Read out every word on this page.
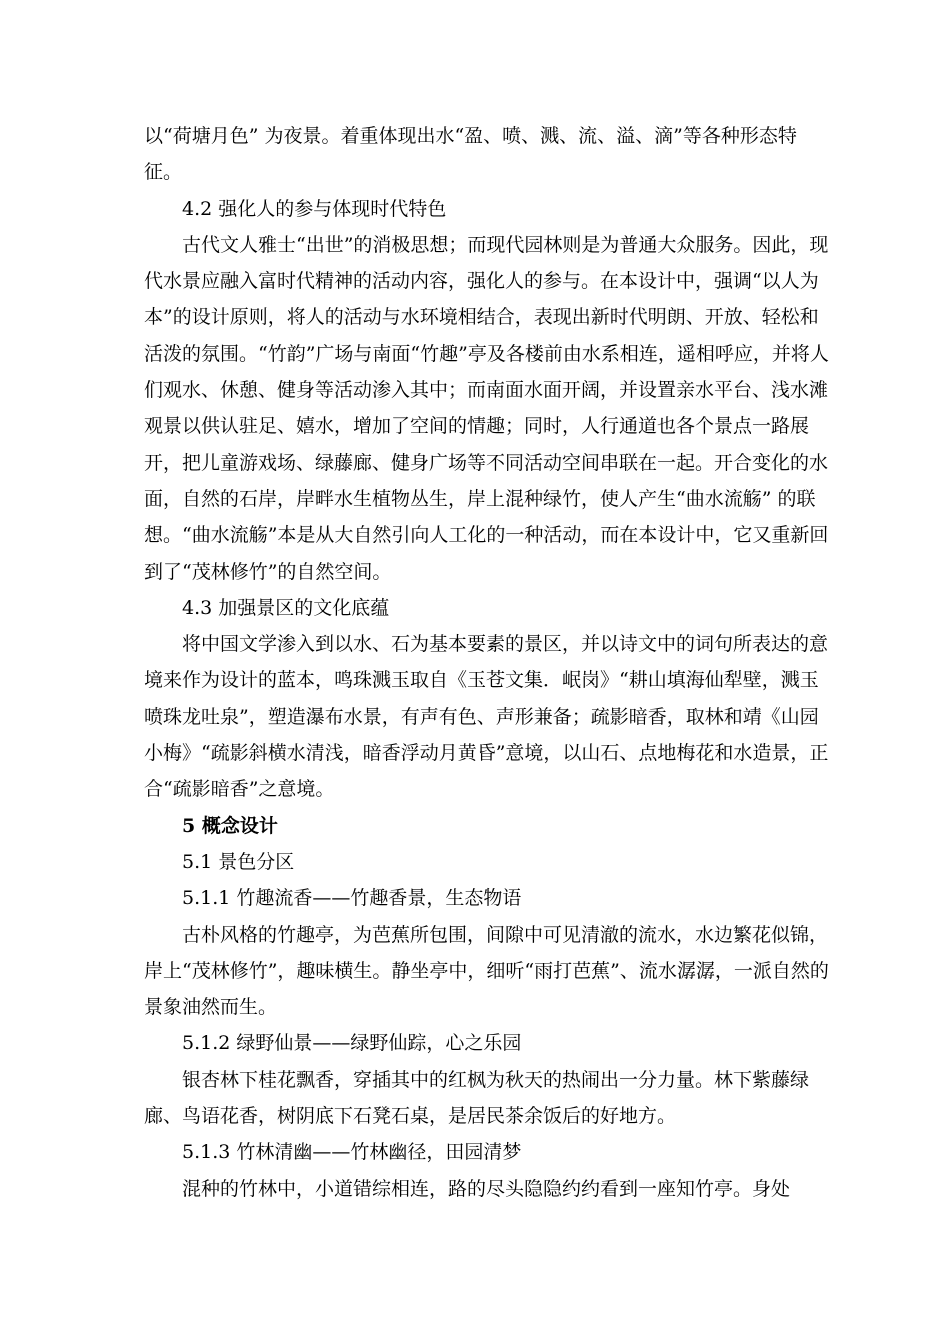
以“荷塘月色” 为夜景。着重体现出水“盈、喷、溅、流、溢、滴”等各种形态特征。

4.2 强化人的参与体现时代特色

古代文人雅士“出世”的消极思想；而现代园林则是为普通大众服务。因此，现代水景应融入富时代精神的活动内容，强化人的参与。在本设计中，强调“以人为本”的设计原则，将人的活动与水环境相结合，表现出新时代明朗、开放、轻松和活泼的氛围。“竹韵”广场与南面“竹趣”亭及各楼前由水系相连，遥相呼应，并将人们观水、休憩、健身等活动渗入其中；而南面水面开阔，并设置亲水平台、浅水滩观景以供认驻足、嬉水，增加了空间的情趣；同时，人行通道也各个景点一路展开，把儿童游戏场、绿藤廊、健身广场等不同活动空间串联在一起。开合变化的水面，自然的石岸，岸畔水生植物丛生，岸上混种绿竹，使人产生“曲水流觞” 的联想。“曲水流觞”本是从大自然引向人工化的一种活动，而在本设计中，它又重新回到了“茂林修竹”的自然空间。

4.3 加强景区的文化底蕴

将中国文学渗入到以水、石为基本要素的景区，并以诗文中的词句所表达的意境来作为设计的蓝本，鸣珠溅玉取自《玉苍文集．岷岗》“耕山填海仙犁壁，溅玉喷珠龙吐泉”，塑造瀑布水景，有声有色、声形兼备；疏影暗香，取林和靖《山园小梅》“疏影斜横水清浅，暗香浮动月黄昏”意境，以山石、点地梅花和水造景，正合“疏影暗香”之意境。

5 概念设计

5.1 景色分区

5.1.1 竹趣流香——竹趣香景，生态物语

古朴风格的竹趣亭，为芭蕉所包围，间隙中可见清澈的流水，水边繁花似锦，岸上“茂林修竹”，趣味横生。静坐亭中，细听“雨打芭蕉”、流水潺潺，一派自然的景象油然而生。

5.1.2 绿野仙景——绿野仙踪，心之乐园

银杏林下桂花飘香，穿插其中的红枫为秋天的热闹出一分力量。林下紫藤绿廊、鸟语花香，树阴底下石凳石桌，是居民茶余饭后的好地方。

5.1.3 竹林清幽——竹林幽径，田园清梦

混种的竹林中，小道错综相连，路的尽头隐隐约约看到一座知竹亭。身处
